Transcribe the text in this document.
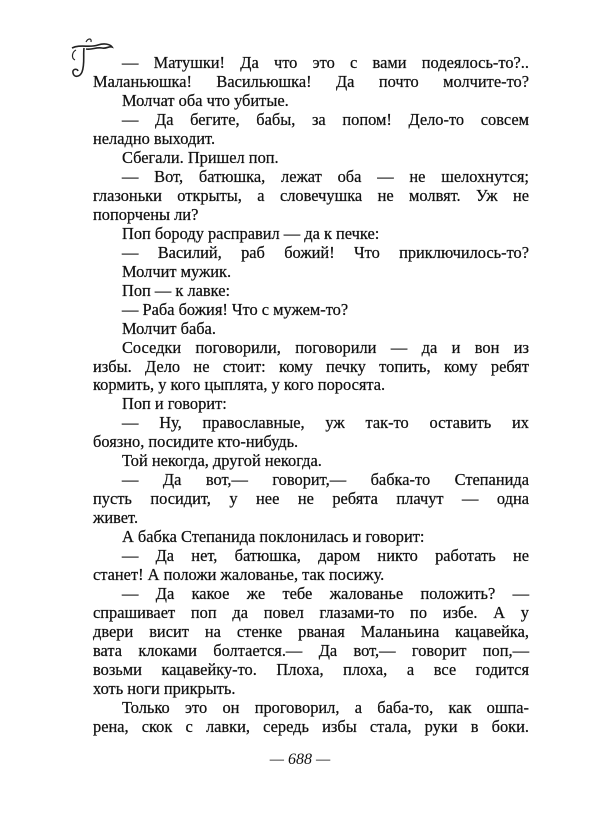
— Матушки! Да что это с вами подеялось-то?..
Маланьюшка! Васильюшка! Да почто молчите-то?
Молчат оба что убитые.
— Да бегите, бабы, за попом! Дело-то совсем
неладно выходит.
Сбегали. Пришел поп.
— Вот, батюшка, лежат оба — не шелохнутся;
глазоньки открыты, а словечушка не молвят. Уж не
попорчены ли?
Поп бороду расправил — да к печке:
— Василий, раб божий! Что приключилось-то?
Молчит мужик.
Поп — к лавке:
— Раба божия! Что с мужем-то?
Молчит баба.
Соседки поговорили, поговорили — да и вон из
избы. Дело не стоит: кому печку топить, кому ребят
кормить, у кого цыплята, у кого поросята.
Поп и говорит:
— Ну, православные, уж так-то оставить их
боязно, посидите кто-нибудь.
Той некогда, другой некогда.
— Да вот,— говорит,— бабка-то Степанида
пусть посидит, у нее не ребята плачут — одна
живет.
А бабка Степанида поклонилась и говорит:
— Да нет, батюшка, даром никто работать не
станет! А положи жалованье, так посижу.
— Да какое же тебе жалованье положить? —
спрашивает поп да повел глазами-то по избе. А у
двери висит на стенке рваная Маланьина кацавейка,
вата клоками болтается.— Да вот,— говорит поп,—
возьми кацавейку-то. Плоха, плоха, а все годится
хоть ноги прикрыть.
Только это он проговорил, а баба-то, как ошпа-
рена, скок с лавки, середь избы стала, руки в боки.
— 688 —
